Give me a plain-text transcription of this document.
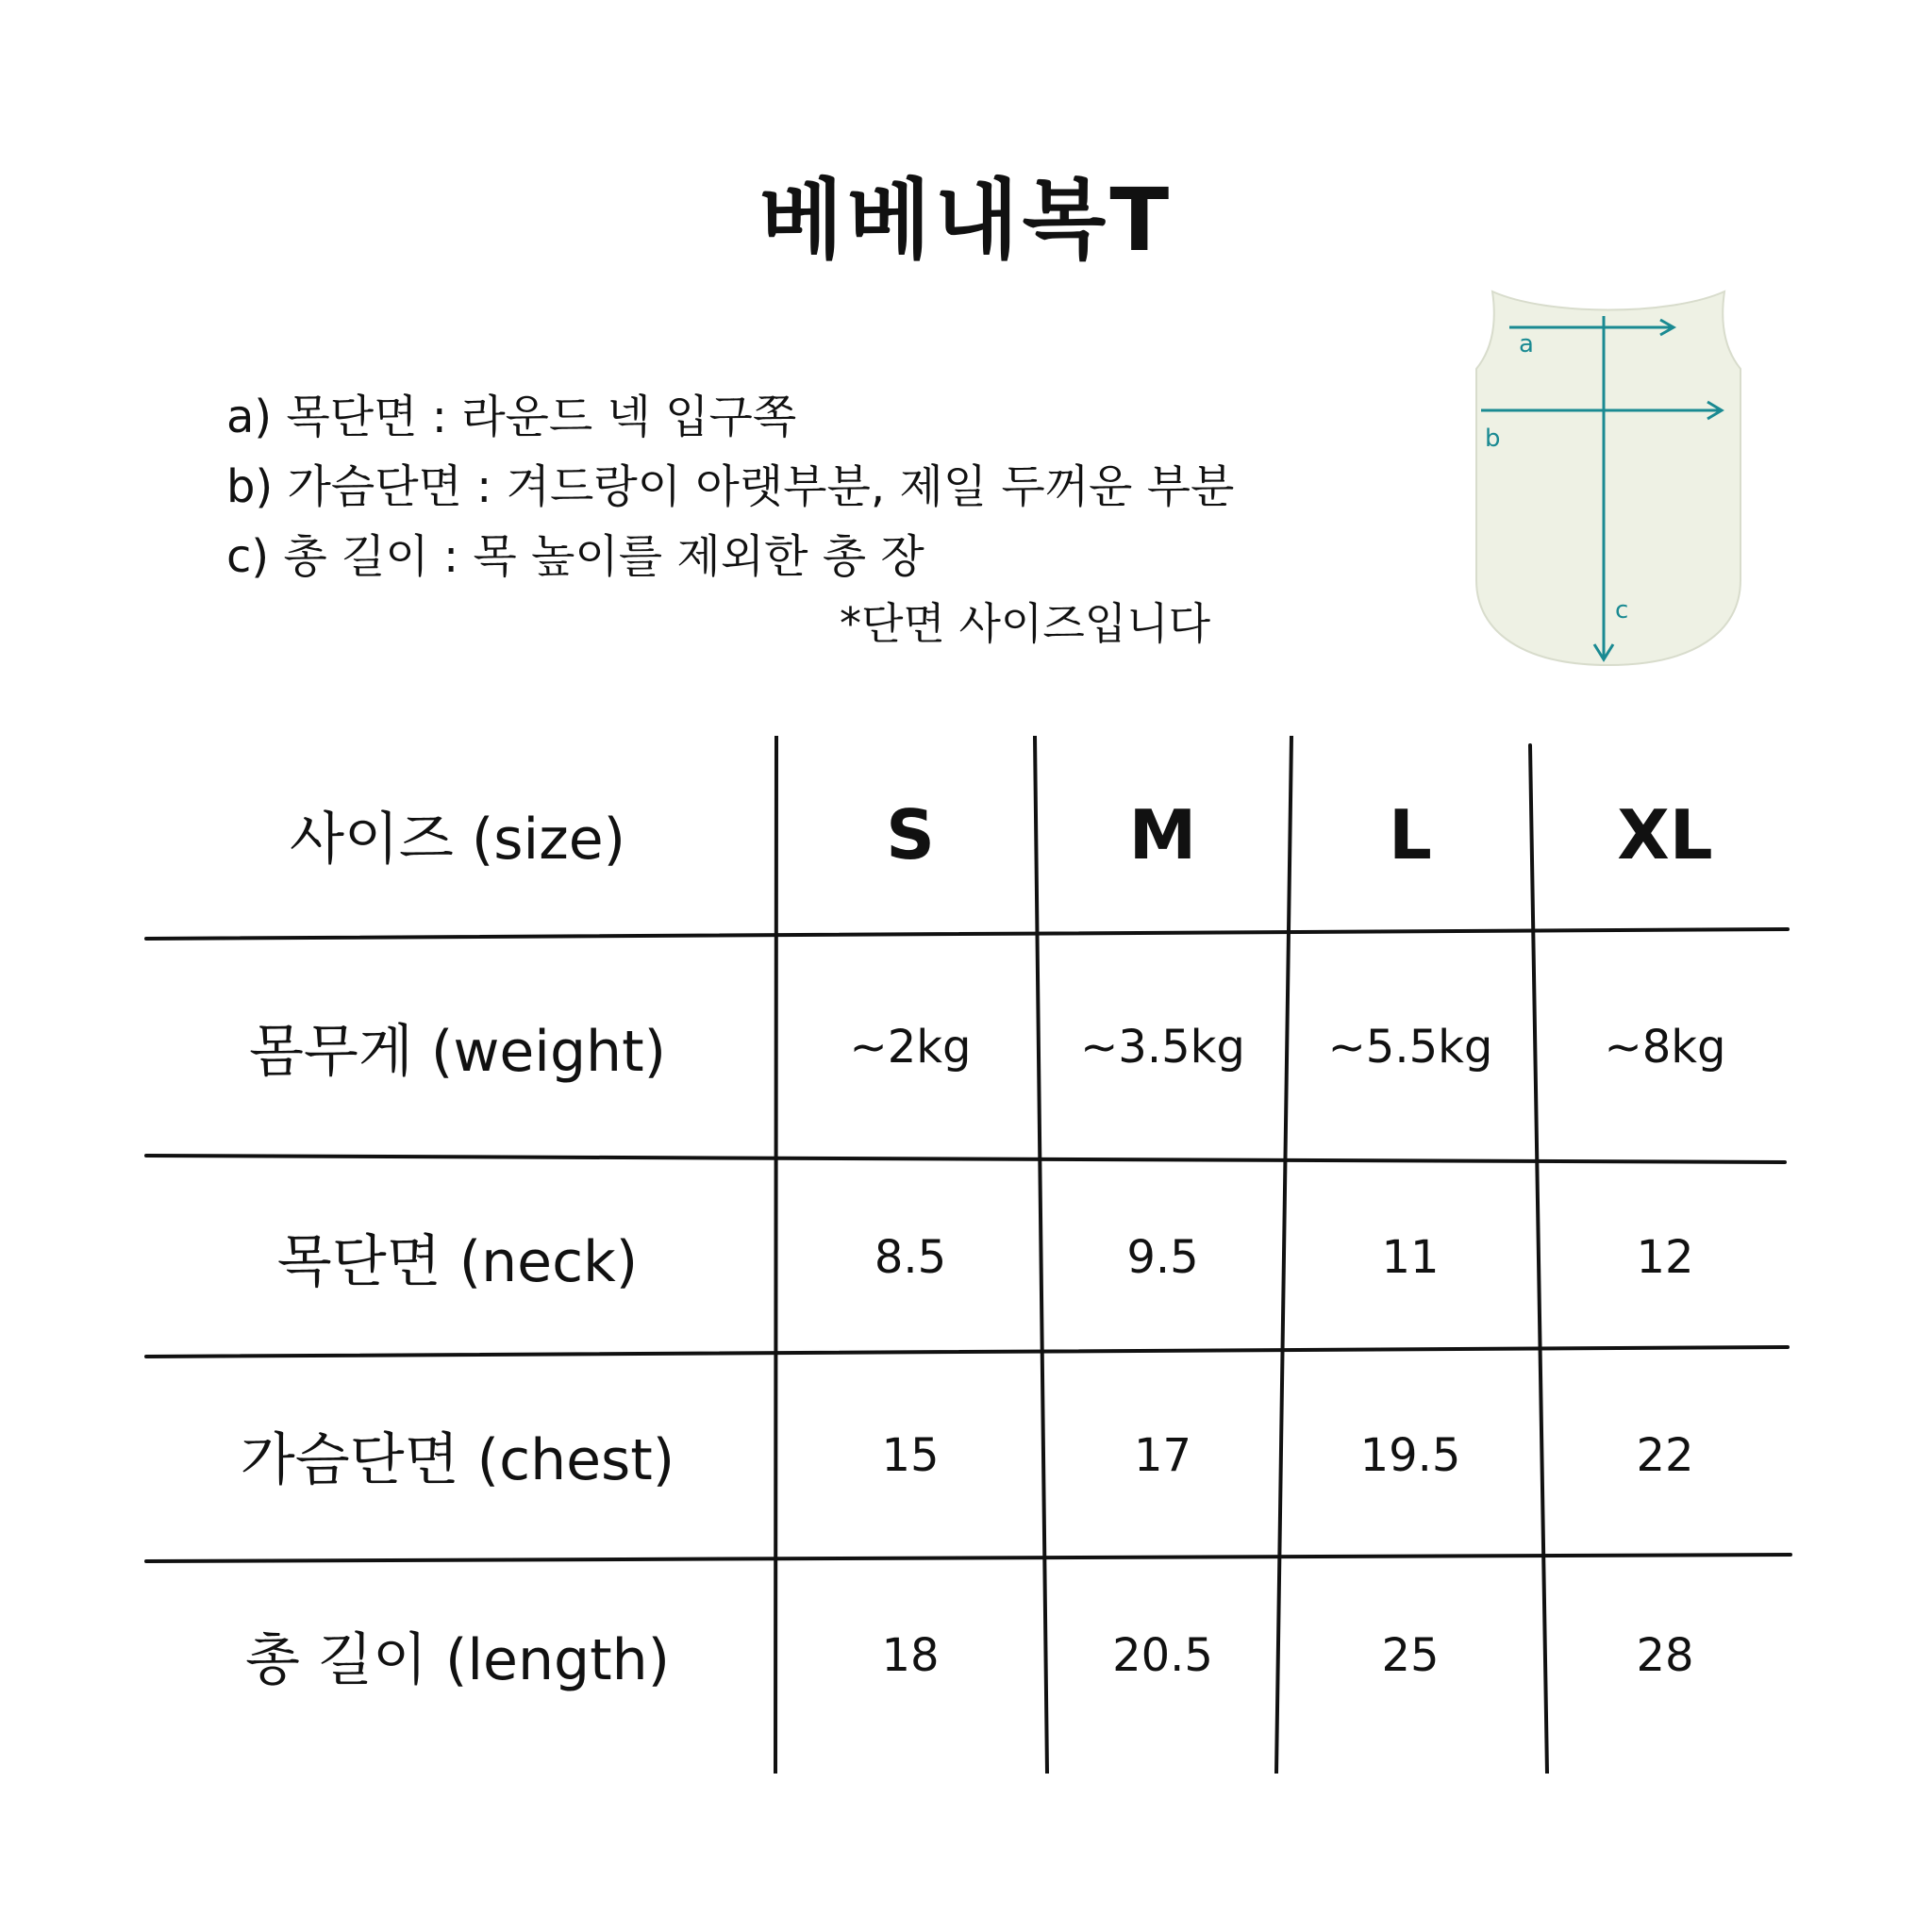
베베내복T
a) 목단면 : 라운드 넥 입구쪽
b) 가슴단면 : 겨드랑이 아랫부분, 제일 두꺼운 부분
c) 총 길이 : 목 높이를 제외한 총 장
*단면 사이즈입니다
a
b
c
사이즈 (size)	S	M	L	XL
몸무게 (weight)	~2kg	~3.5kg	~5.5kg	~8kg
목단면 (neck)	8.5	9.5	11	12
가슴단면 (chest)	15	17	19.5	22
총 길이 (length)	18	20.5	25	28
